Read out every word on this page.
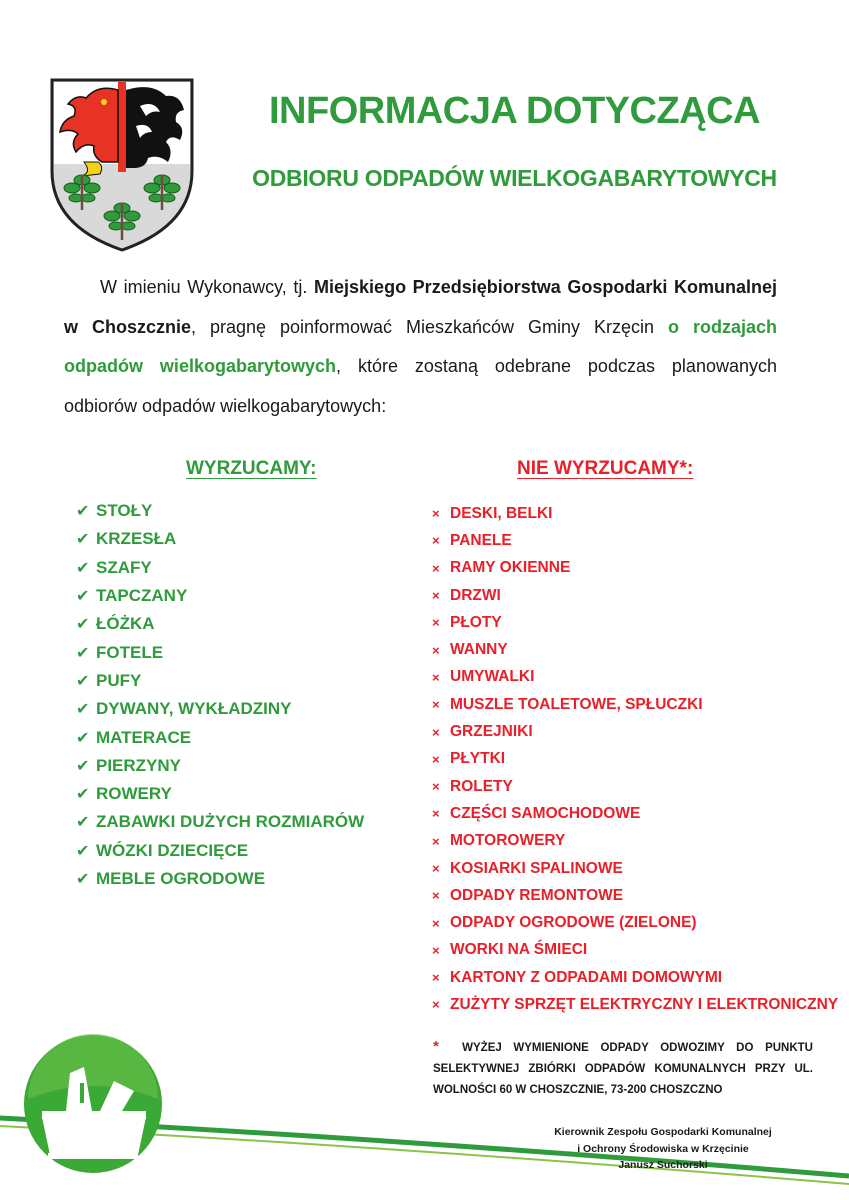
INFORMACJA DOTYCZĄCA
ODBIORU ODPADÓW WIELKOGABARYTOWYCH
W imieniu Wykonawcy, tj. Miejskiego Przedsiębiorstwa Gospodarki Komunalnej w Choszcznie, pragnę poinformować Mieszkańców Gminy Krzęcin o rodzajach odpadów wielkogabarytowych, które zostaną odebrane podczas planowanych odbiorów odpadów wielkogabarytowych:
WYRZUCAMY:	NIE WYRZUCAMY*:
✔ STOŁY
✔ KRZESŁA
✔ SZAFY
✔ TAPCZANY
✔ ŁÓŻKA
✔ FOTELE
✔ PUFY
✔ DYWANY, WYKŁADZINY
✔ MATERACE
✔ PIERZYNY
✔ ROWERY
✔ ZABAWKI DUŻYCH ROZMIARÓW
✔ WÓZKI DZIECIĘCE
✔ MEBLE OGRODOWE
× DESKI, BELKI
× PANELE
× RAMY OKIENNE
× DRZWI
× PŁOTY
× WANNY
× UMYWALKI
× MUSZLE TOALETOWE, SPŁUCZKI
× GRZEJNIKI
× PŁYTKI
× ROLETY
× CZĘŚCI SAMOCHODOWE
× MOTOROWERY
× KOSIARKI SPALINOWE
× ODPADY REMONTOWE
× ODPADY OGRODOWE (ZIELONE)
× WORKI NA ŚMIECI
× KARTONY Z ODPADAMI DOMOWYMI
× ZUŻYTY SPRZĘT ELEKTRYCZNY I ELEKTRONICZNY
* WYŻEJ WYMIENIONE ODPADY ODWOZIMY DO PUNKTU SELEKTYWNEJ ZBIÓRKI ODPADÓW KOMUNALNYCH PRZY UL. WOLNOŚCI 60 W CHOSZCZNIE, 73-200 CHOSZCZNO
Kierownik Zespołu Gospodarki Komunalnej
i Ochrony Środowiska w Krzęcinie
Janusz Suchorski
